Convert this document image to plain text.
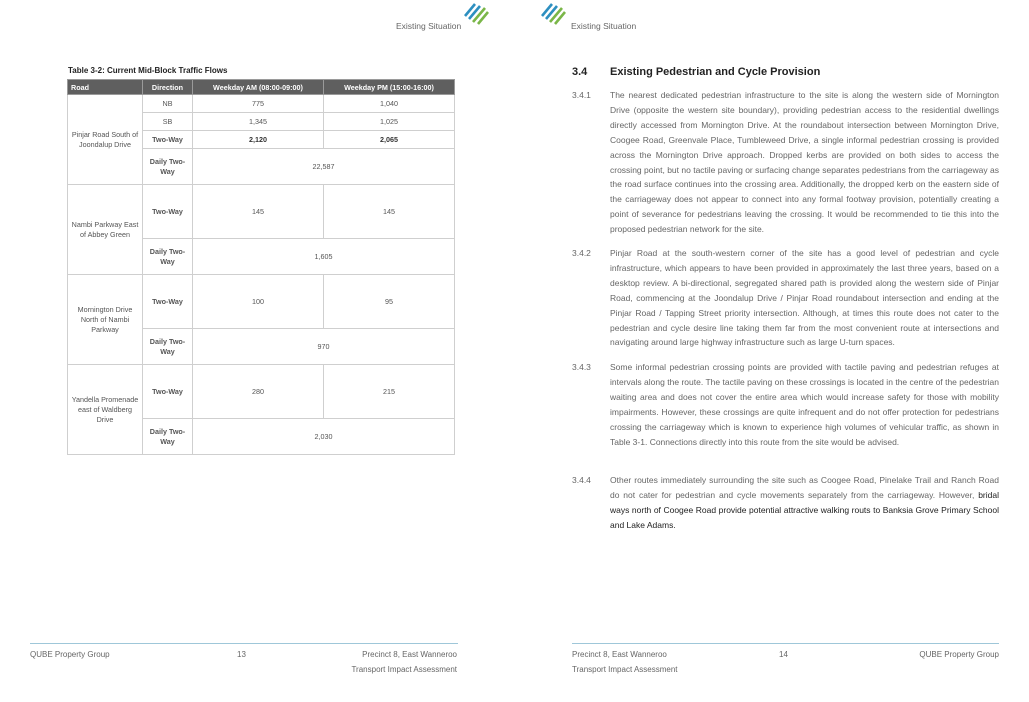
Existing Situation
Table 3-2: Current Mid-Block Traffic Flows
Road	Direction	Weekday AM (08:00-09:00)	Weekday PM (15:00-16:00)
Pinjar Road South of Joondalup Drive	NB	775	1,040
	SB	1,345	1,025
	Two-Way	2,120	2,065
	Daily Two-Way	22,587	
Nambi Parkway East of Abbey Green	Two-Way	145	145
	Daily Two-Way	1,605	
Mornington Drive North of Nambi Parkway	Two-Way	100	95
	Daily Two-Way	970	
Yandella Promenade east of Waldberg Drive	Two-Way	280	215
	Daily Two-Way	2,030	
QUBE Property Group	13	Precinct 8, East Wanneroo
Transport Impact Assessment
Existing Situation
3.4 Existing Pedestrian and Cycle Provision
3.4.1 The nearest dedicated pedestrian infrastructure to the site is along the western side of Mornington Drive (opposite the western site boundary), providing pedestrian access to the residential dwellings directly accessed from Mornington Drive. At the roundabout intersection between Mornington Drive, Coogee Road, Greenvale Place, Tumbleweed Drive, a single informal pedestrian crossing is provided across the Mornington Drive approach. Dropped kerbs are provided on both sides to access the crossing point, but no tactile paving or surfacing change separates pedestrians from the carriageway as the road surface continues into the crossing area. Additionally, the dropped kerb on the eastern side of the carriageway does not appear to connect into any formal footway provision, potentially creating a point of severance for pedestrians leaving the crossing. It would be recommended to tie this into the proposed pedestrian network for the site.
3.4.2 Pinjar Road at the south-western corner of the site has a good level of pedestrian and cycle infrastructure, which appears to have been provided in approximately the last three years, based on a desktop review. A bi-directional, segregated shared path is provided along the western side of Pinjar Road, commencing at the Joondalup Drive / Pinjar Road roundabout intersection and ending at the Pinjar Road / Tapping Street priority intersection. Although, at times this route does not cater to the pedestrian and cycle desire line taking them far from the most convenient route at intersections and navigating around large highway infrastructure such as large U-turn spaces.
3.4.3 Some informal pedestrian crossing points are provided with tactile paving and pedestrian refuges at intervals along the route. The tactile paving on these crossings is located in the centre of the pedestrian waiting area and does not cover the entire area which would increase safety for those with mobility impairments. However, these crossings are quite infrequent and do not offer protection for pedestrians crossing the carriageway which is known to experience high volumes of vehicular traffic, as shown in Table 3-1. Connections directly into this route from the site would be advised.
3.4.4 Other routes immediately surrounding the site such as Coogee Road, Pinelake Trail and Ranch Road do not cater for pedestrian and cycle movements separately from the carriageway. However, bridal ways north of Coogee Road provide potential attractive walking routs to Banksia Grove Primary School and Lake Adams.
Precinct 8, East Wanneroo
Transport Impact Assessment
14	QUBE Property Group
